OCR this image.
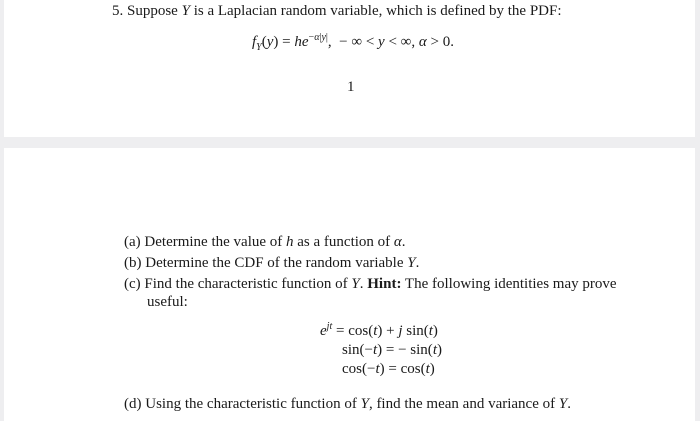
5. Suppose Y is a Laplacian random variable, which is defined by the PDF:
$f_Y(y) = he^{-\alpha|y|}$,  − ∞ < y < ∞, α > 0.
1
(a) Determine the value of h as a function of α.
(b) Determine the CDF of the random variable Y.
(c) Find the characteristic function of Y. Hint: The following identities may prove
useful:
$e^{jt} = \cos(t) + j$ sin(t)
sin(−t) = − sin(t)
cos(−t) = cos(t)
(d) Using the characteristic function of Y, find the mean and variance of Y.
